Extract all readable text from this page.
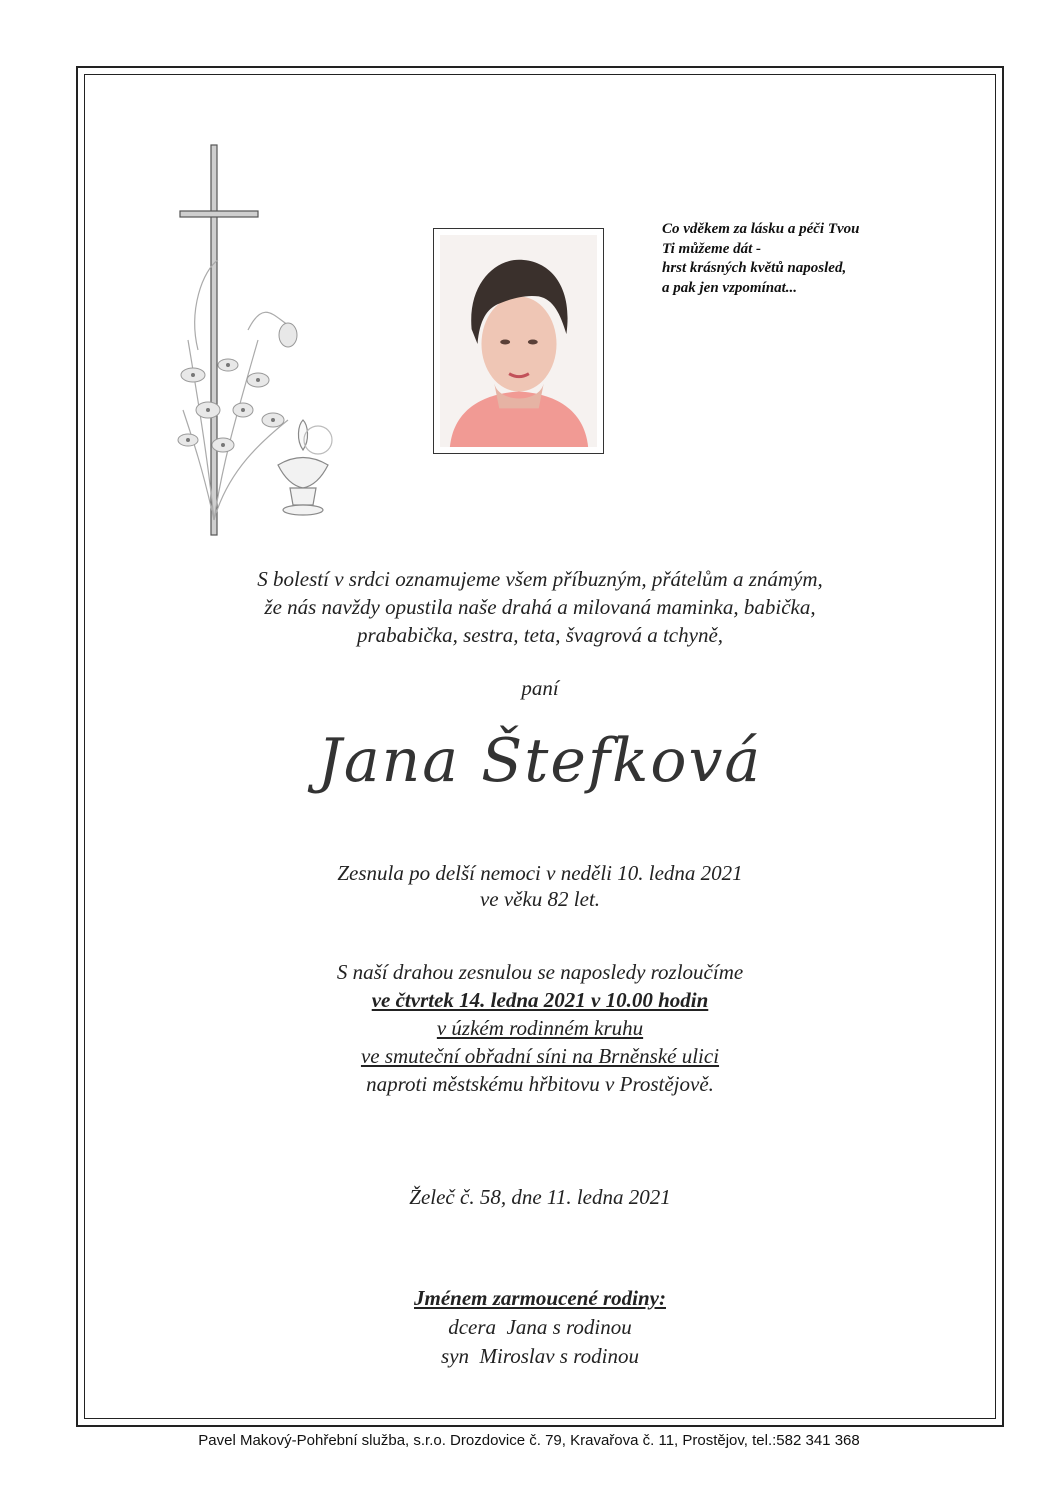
Co vděkem za lásku a péči Tvou
Ti můžeme dát -
hrst krásných květů naposled,
a pak jen vzpomínat...
S bolestí v srdci oznamujeme všem příbuzným, přátelům a známým,
že nás navždy opustila naše drahá a milovaná maminka, babička,
prababička, sestra, teta, švagrová a tchyně,
paní
Jana Štefková
Zesnula po delší nemoci v neděli 10. ledna 2021
ve věku 82 let.
S naší drahou zesnulou se naposledy rozloučíme
ve čtvrtek 14. ledna 2021 v 10.00 hodin
v úzkém rodinném kruhu
ve smuteční obřadní síni na Brněnské ulici
naproti městskému hřbitovu v Prostějově.
Želeč č. 58, dne 11. ledna 2021
Jménem zarmoucené rodiny:
dcera  Jana s rodinou
syn  Miroslav s rodinou
Pavel Makový-Pohřební služba, s.r.o. Drozdovice č. 79, Kravařova č. 11, Prostějov, tel.:582 341 368
